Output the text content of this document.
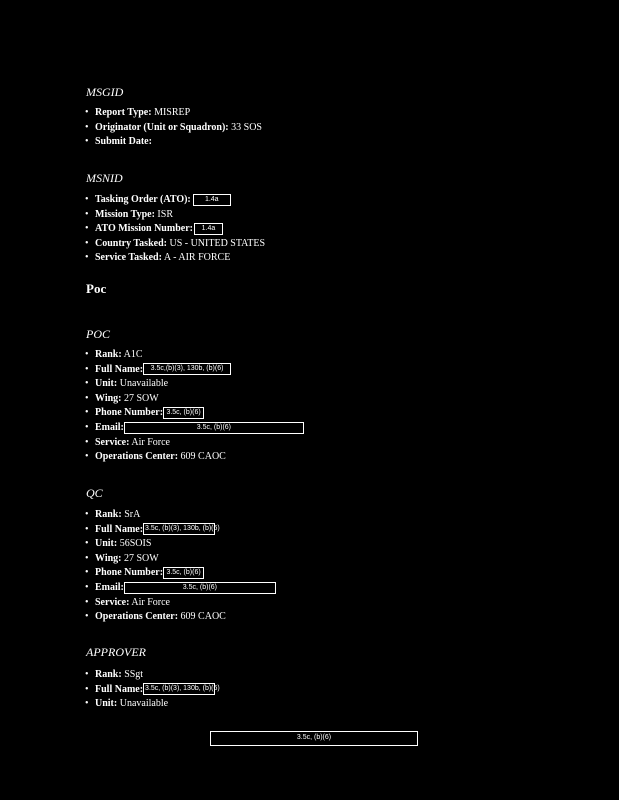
MSGID
• Report Type: MISREP
• Originator (Unit or Squadron): 33 SOS
• Submit Date:
MSNID
• Tasking Order (ATO): 1.4a
• Mission Type: ISR
• ATO Mission Number: 1.4a
• Country Tasked: US - UNITED STATES
• Service Tasked: A - AIR FORCE
Poc
POC
• Rank: A1C
• Full Name: 3.5c,(b)(3), 130b, (b)(6)
• Unit: Unavailable
• Wing: 27 SOW
• Phone Number: 3.5c, (b)(6)
• Email:	3.5c, (b)(6)
• Service: Air Force
• Operations Center: 609 CAOC
QC
• Rank: SrA
• Full Name: 3.5c, (b)(3), 130b, (b)(6)
• Unit: 56SOIS
• Wing: 27 SOW
• Phone Number: 3.5c, (b)(6)
• Email:	3.5c, (b)(6)
• Service: Air Force
• Operations Center: 609 CAOC
APPROVER
• Rank: SSgt
• Full Name: 3.5c, (b)(3), 130b, (b)(6)
• Unit: Unavailable
3.5c, (b)(6)
